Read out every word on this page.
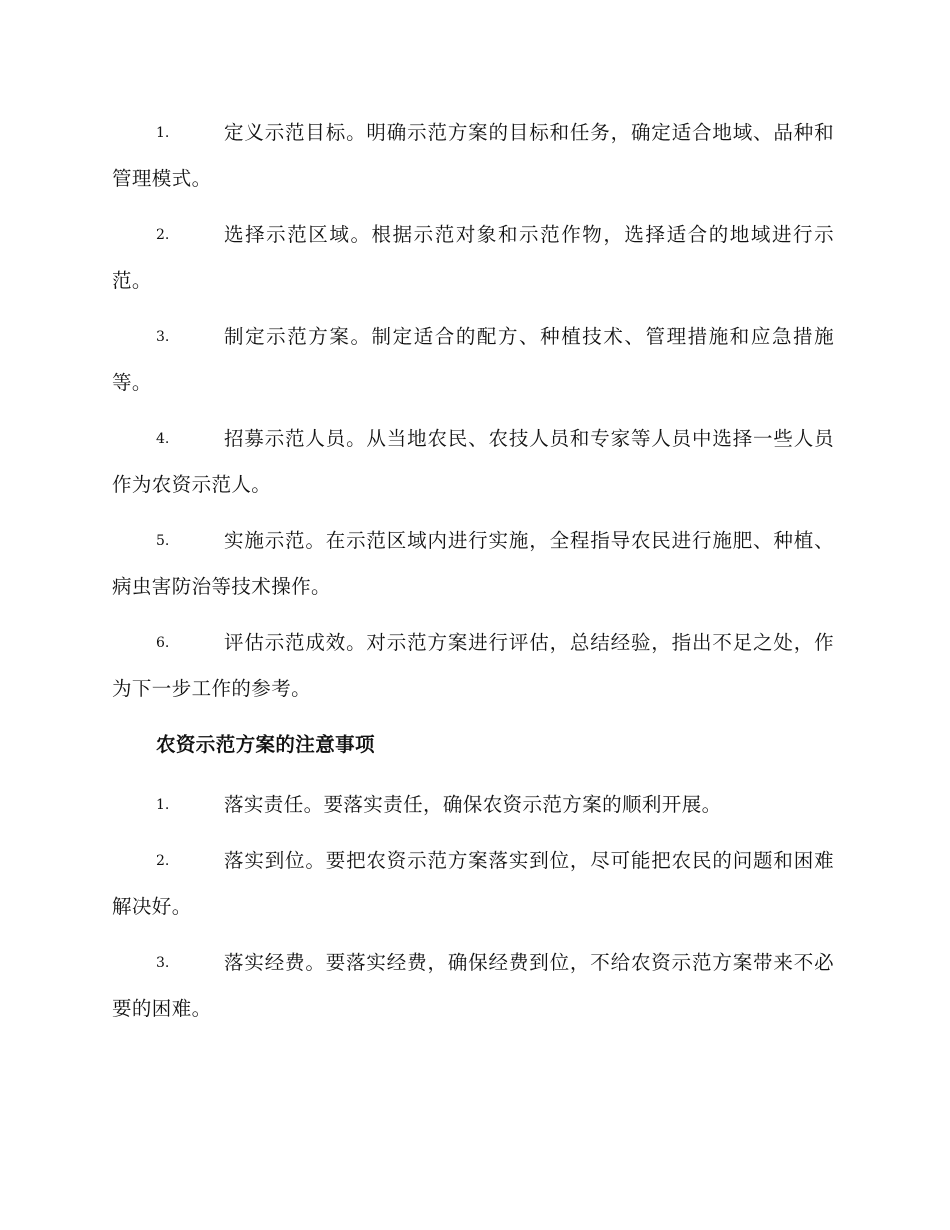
1.	定义示范目标。明确示范方案的目标和任务，确定适合地域、品种和管理模式。
2.	选择示范区域。根据示范对象和示范作物，选择适合的地域进行示范。
3.	制定示范方案。制定适合的配方、种植技术、管理措施和应急措施等。
4.	招募示范人员。从当地农民、农技人员和专家等人员中选择一些人员作为农资示范人。
5.	实施示范。在示范区域内进行实施，全程指导农民进行施肥、种植、病虫害防治等技术操作。
6.	评估示范成效。对示范方案进行评估，总结经验，指出不足之处，作为下一步工作的参考。
农资示范方案的注意事项
1.	落实责任。要落实责任，确保农资示范方案的顺利开展。
2.	落实到位。要把农资示范方案落实到位，尽可能把农民的问题和困难解决好。
3.	落实经费。要落实经费，确保经费到位，不给农资示范方案带来不必要的困难。
